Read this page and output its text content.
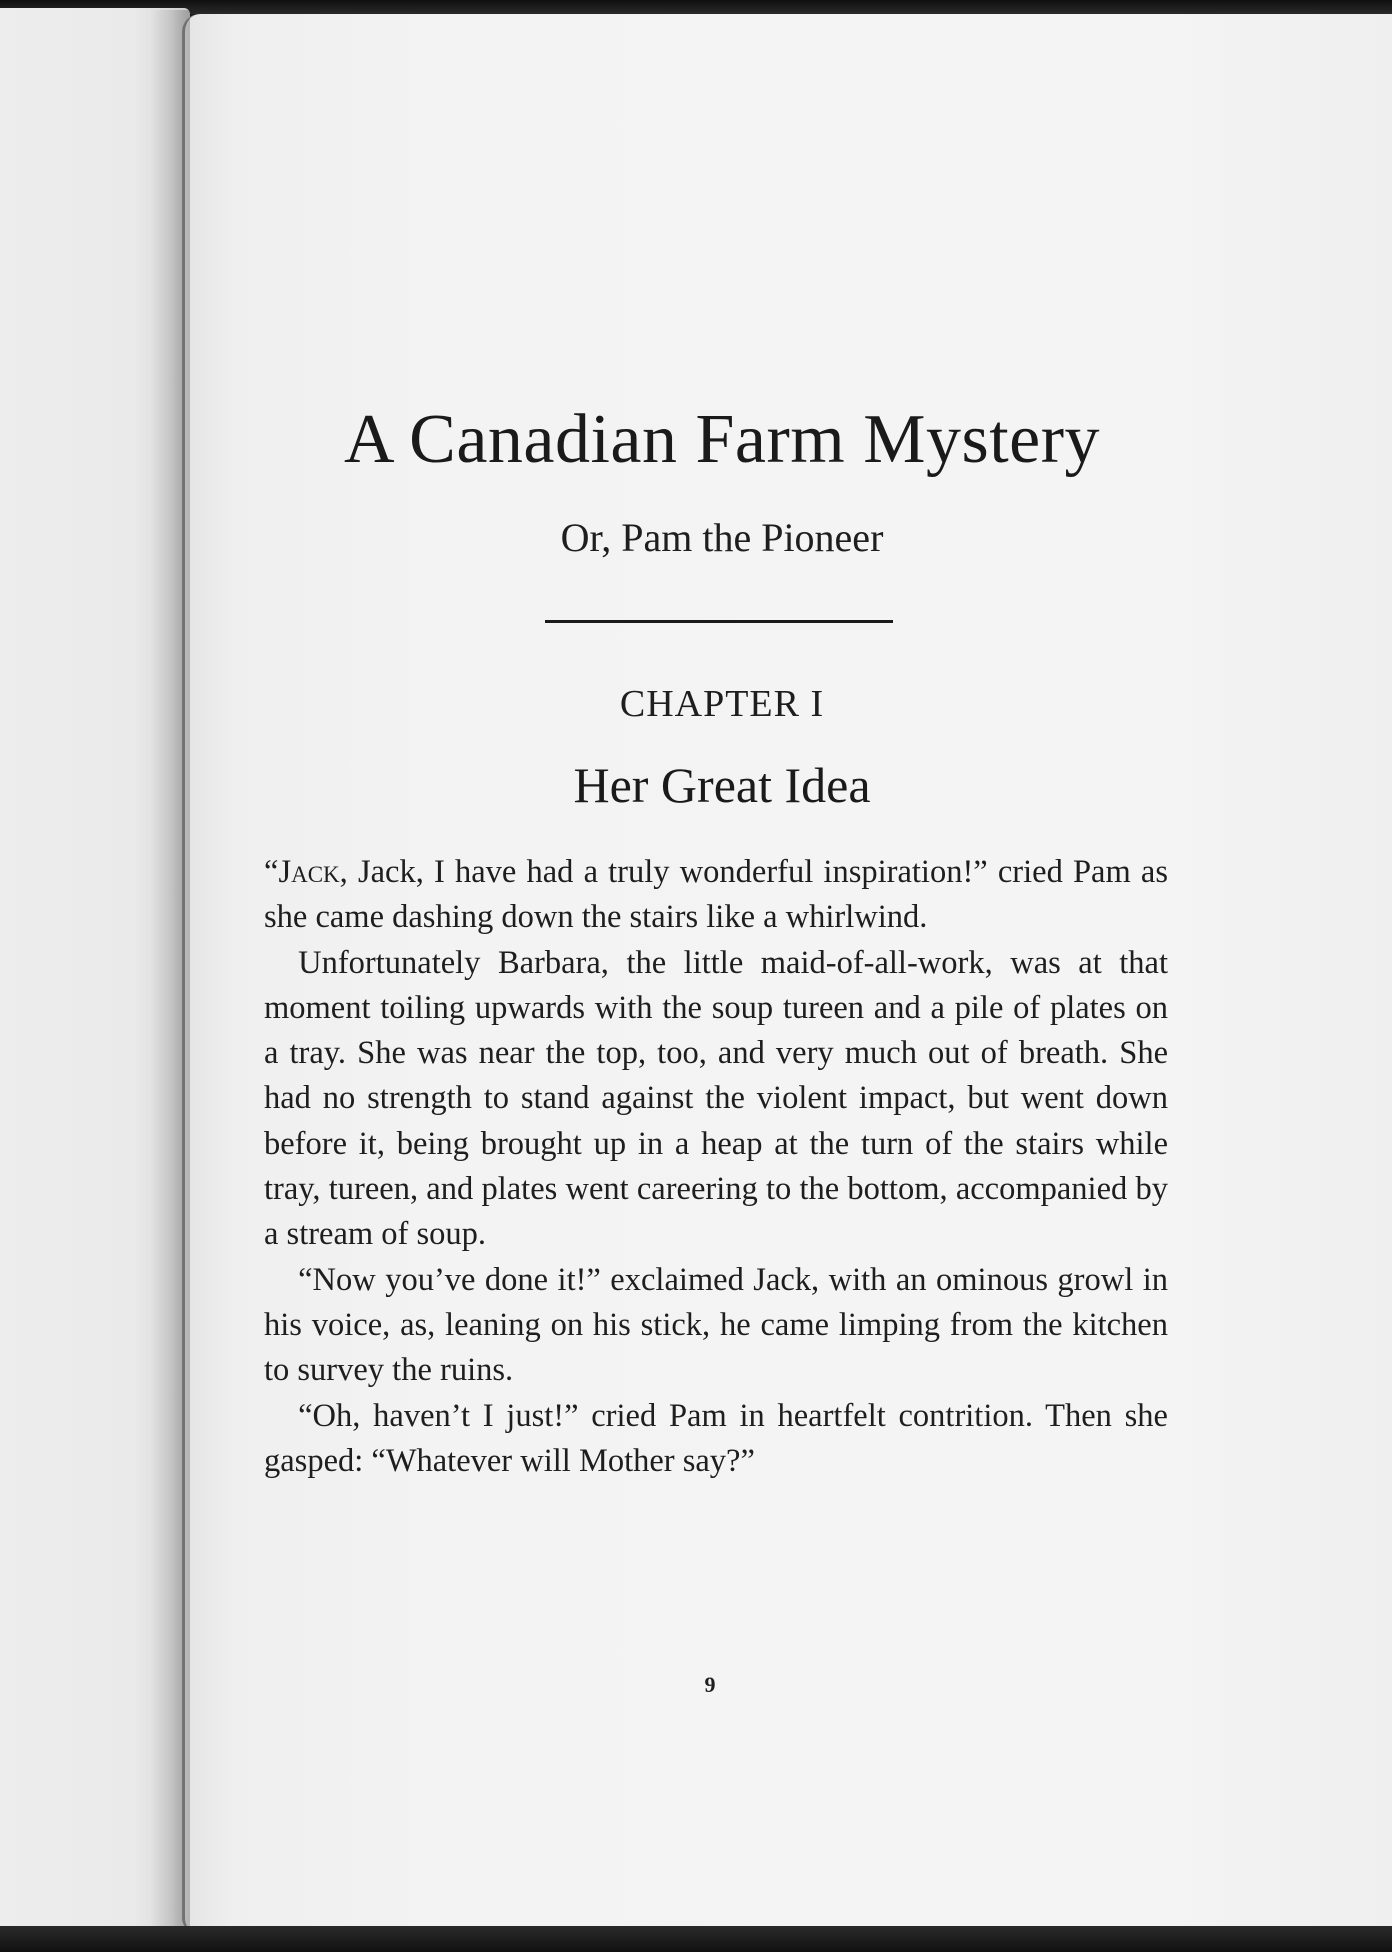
A Canadian Farm Mystery
Or, Pam the Pioneer
CHAPTER I
Her Great Idea

“Jack, Jack, I have had a truly wonderful inspiration!” cried Pam as she came dashing down the stairs like a whirlwind.

Unfortunately Barbara, the little maid-of-all-work, was at that moment toiling upwards with the soup tureen and a pile of plates on a tray. She was near the top, too, and very much out of breath. She had no strength to stand against the violent impact, but went down before it, being brought up in a heap at the turn of the stairs while tray, tureen, and plates went careering to the bottom, accompanied by a stream of soup.

“Now you’ve done it!” exclaimed Jack, with an ominous growl in his voice, as, leaning on his stick, he came limping from the kitchen to survey the ruins.

“Oh, haven’t I just!” cried Pam in heartfelt contrition. Then she gasped: “Whatever will Mother say?”

9
